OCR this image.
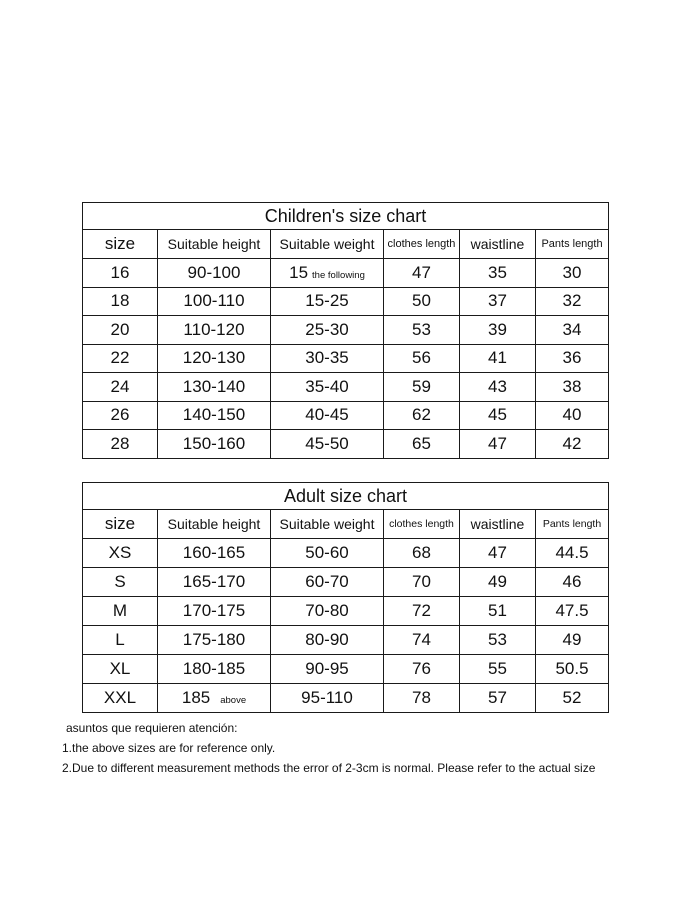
Children's size chart					
size	Suitable height	Suitable weight	clothes length	waistline	Pants length
16	90-100	15 the following	47	35	30
18	100-110	15-25	50	37	32
20	110-120	25-30	53	39	34
22	120-130	30-35	56	41	36
24	130-140	35-40	59	43	38
26	140-150	40-45	62	45	40
28	150-160	45-50	65	47	42
Adult size chart					
size	Suitable height	Suitable weight	clothes length	waistline	Pants length
XS	160-165	50-60	68	47	44.5
S	165-170	60-70	70	49	46
M	170-175	70-80	72	51	47.5
L	175-180	80-90	74	53	49
XL	180-185	90-95	76	55	50.5
XXL	185 above	95-110	78	57	52
asuntos que requieren atención:
1.the above sizes are for reference only.
2.Due to different measurement methods the error of 2-3cm is normal. Please refer to the actual size
